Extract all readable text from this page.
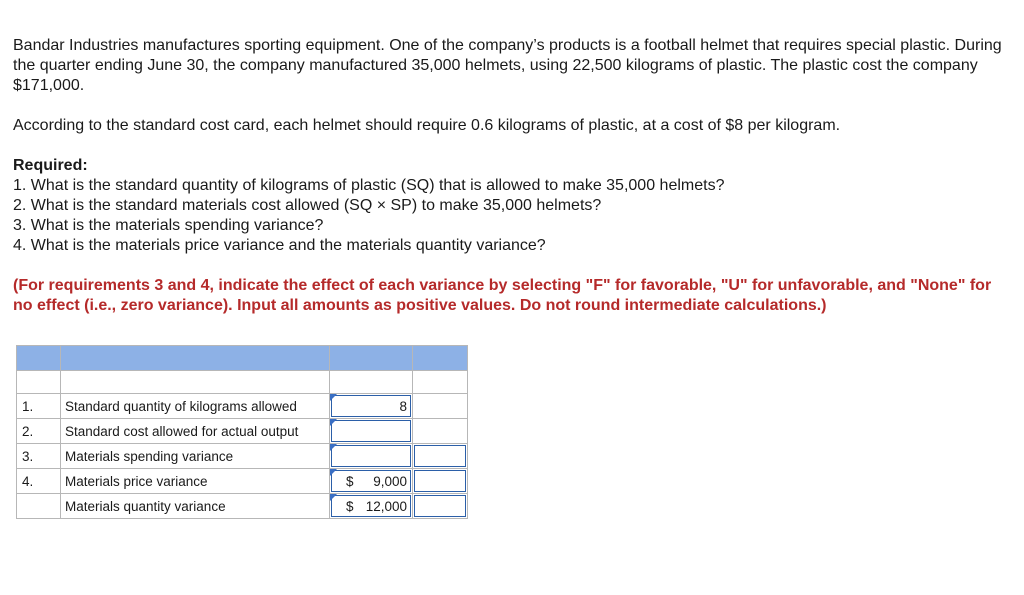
Bandar Industries manufactures sporting equipment. One of the company’s products is a football helmet that requires special plastic. During the quarter ending June 30, the company manufactured 35,000 helmets, using 22,500 kilograms of plastic. The plastic cost the company $171,000.

According to the standard cost card, each helmet should require 0.6 kilograms of plastic, at a cost of $8 per kilogram.

Required:

1. What is the standard quantity of kilograms of plastic (SQ) that is allowed to make 35,000 helmets?
2. What is the standard materials cost allowed (SQ × SP) to make 35,000 helmets?
3. What is the materials spending variance?
4. What is the materials price variance and the materials quantity variance?

(For requirements 3 and 4, indicate the effect of each variance by selecting "F" for favorable, "U" for unfavorable, and "None" for no effect (i.e., zero variance). Input all amounts as positive values. Do not round intermediate calculations.)

1.	Standard quantity of kilograms allowed	8	

2.	Standard cost allowed for actual output	

3.	Materials spending variance	

4.	Materials price variance	$ 9,000	

	Materials quantity variance	$ 12,000	
